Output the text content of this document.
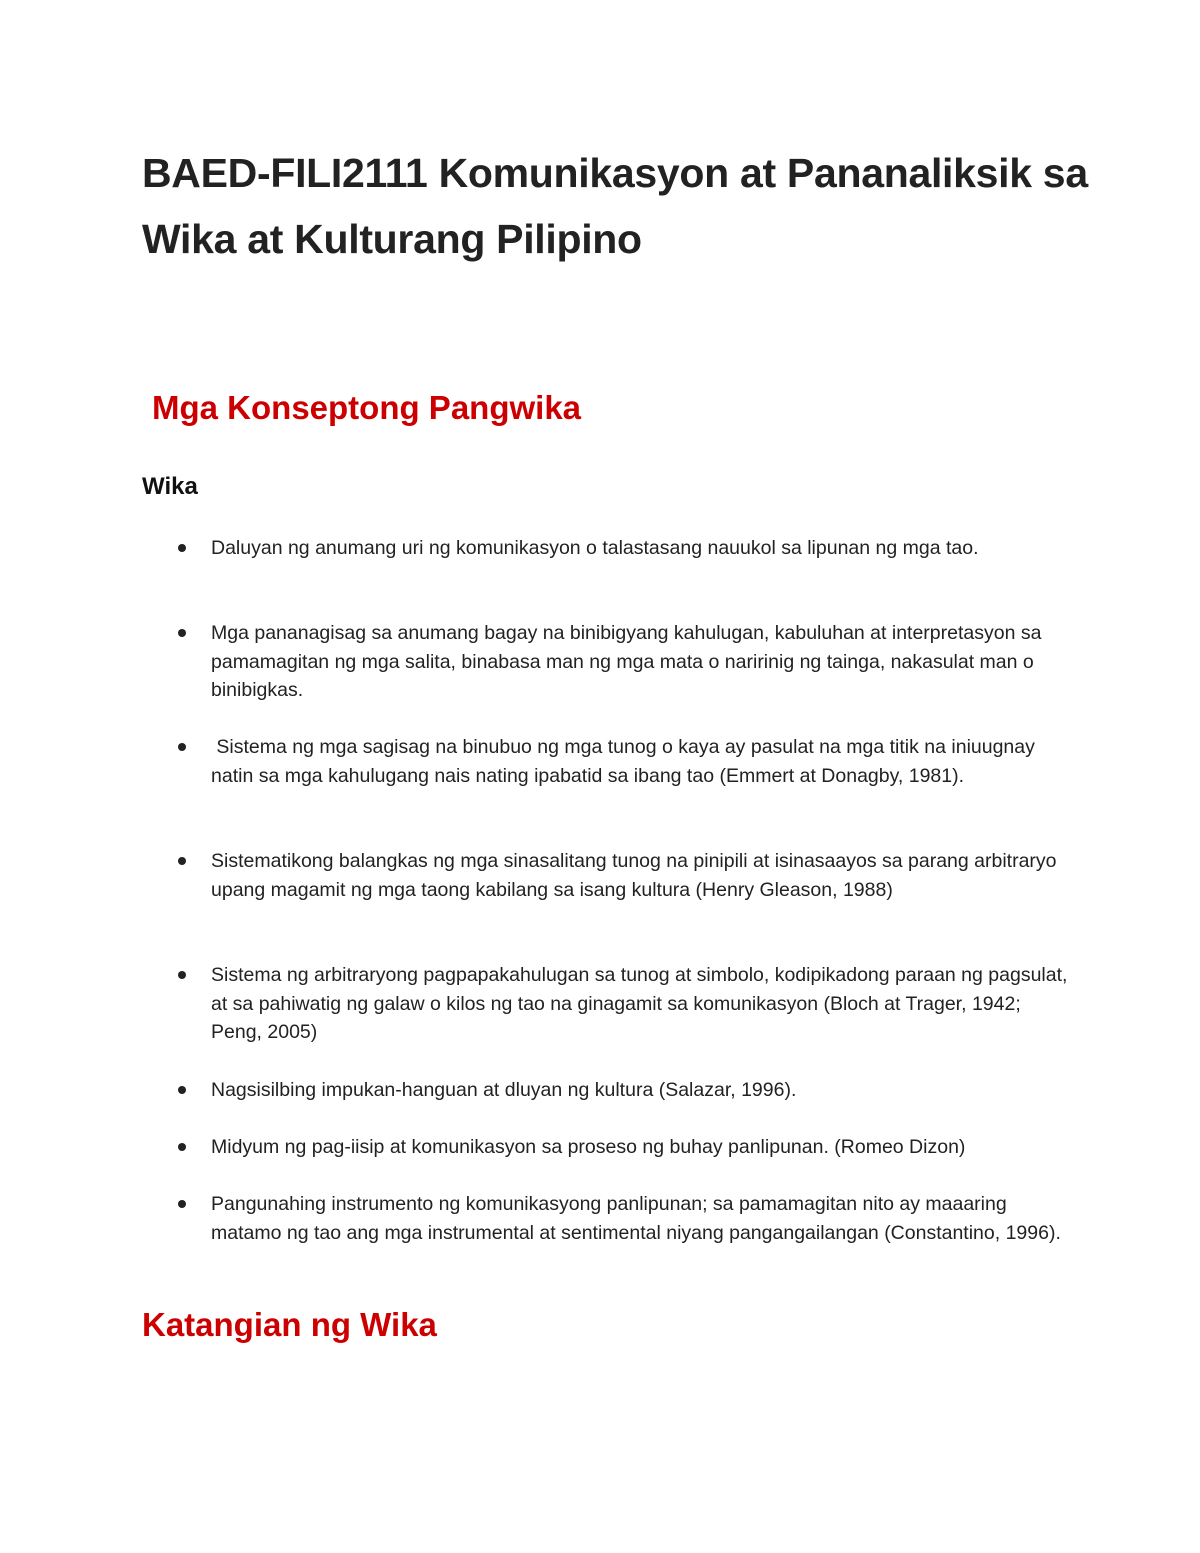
BAED-FILI2111 Komunikasyon at Pananaliksik sa Wika at Kulturang Pilipino
Mga Konseptong Pangwika
Wika
Daluyan ng anumang uri ng komunikasyon o talastasang nauukol sa lipunan ng mga tao.
Mga pananagisag sa anumang bagay na binibigyang kahulugan, kabuluhan at interpretasyon sa pamamagitan ng mga salita, binabasa man ng mga mata o naririnig ng tainga, nakasulat man o binibigkas.
Sistema ng mga sagisag na binubuo ng mga tunog o kaya ay pasulat na mga titik na iniuugnay natin sa mga kahulugang nais nating ipabatid sa ibang tao (Emmert at Donagby, 1981).
Sistematikong balangkas ng mga sinasalitang tunog na pinipili at isinasaayos sa parang arbitraryo upang magamit ng mga taong kabilang sa isang kultura (Henry Gleason, 1988)
Sistema ng arbitraryong pagpapakahulugan sa tunog at simbolo, kodipikadong paraan ng pagsulat, at sa pahiwatig ng galaw o kilos ng tao na ginagamit sa komunikasyon (Bloch at Trager, 1942; Peng, 2005)
Nagsisilbing impukan-hanguan at dluyan ng kultura (Salazar, 1996).
Midyum ng pag-iisip at komunikasyon sa proseso ng buhay panlipunan. (Romeo Dizon)
Pangunahing instrumento ng komunikasyong panlipunan; sa pamamagitan nito ay maaaring matamo ng tao ang mga instrumental at sentimental niyang pangangailangan (Constantino, 1996).
Katangian ng Wika
